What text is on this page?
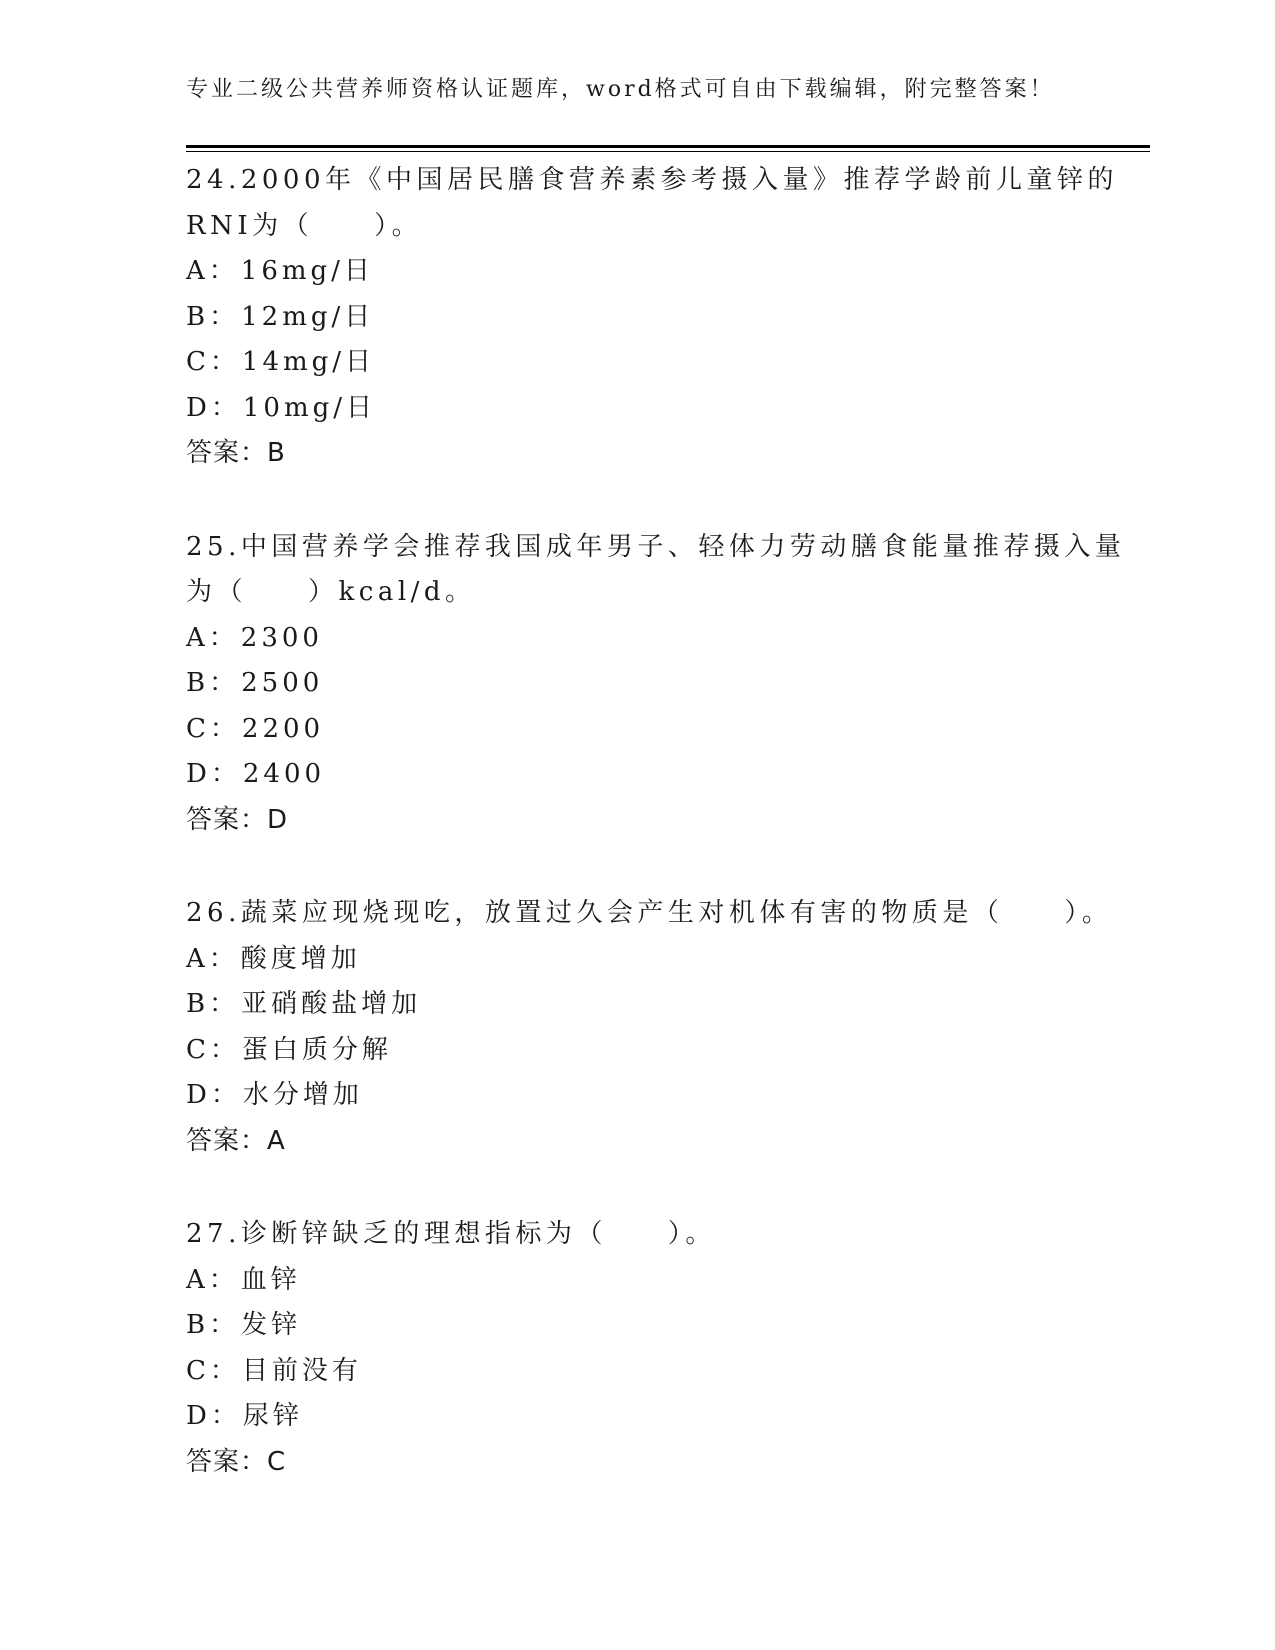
专业二级公共营养师资格认证题库，word格式可自由下载编辑，附完整答案！
24.2000年《中国居民膳食营养素参考摄入量》推荐学龄前儿童锌的
RNI为（　　）。
A： 16mg/日
B： 12mg/日
C： 14mg/日
D： 10mg/日
答案：B
25.中国营养学会推荐我国成年男子、轻体力劳动膳食能量推荐摄入量
为（　　）kcal/d。
A： 2300
B： 2500
C： 2200
D： 2400
答案：D
26.蔬菜应现烧现吃，放置过久会产生对机体有害的物质是（　　）。
A： 酸度增加
B： 亚硝酸盐增加
C： 蛋白质分解
D： 水分增加
答案：A
27.诊断锌缺乏的理想指标为（　　）。
A： 血锌
B： 发锌
C： 目前没有
D： 尿锌
答案：C
